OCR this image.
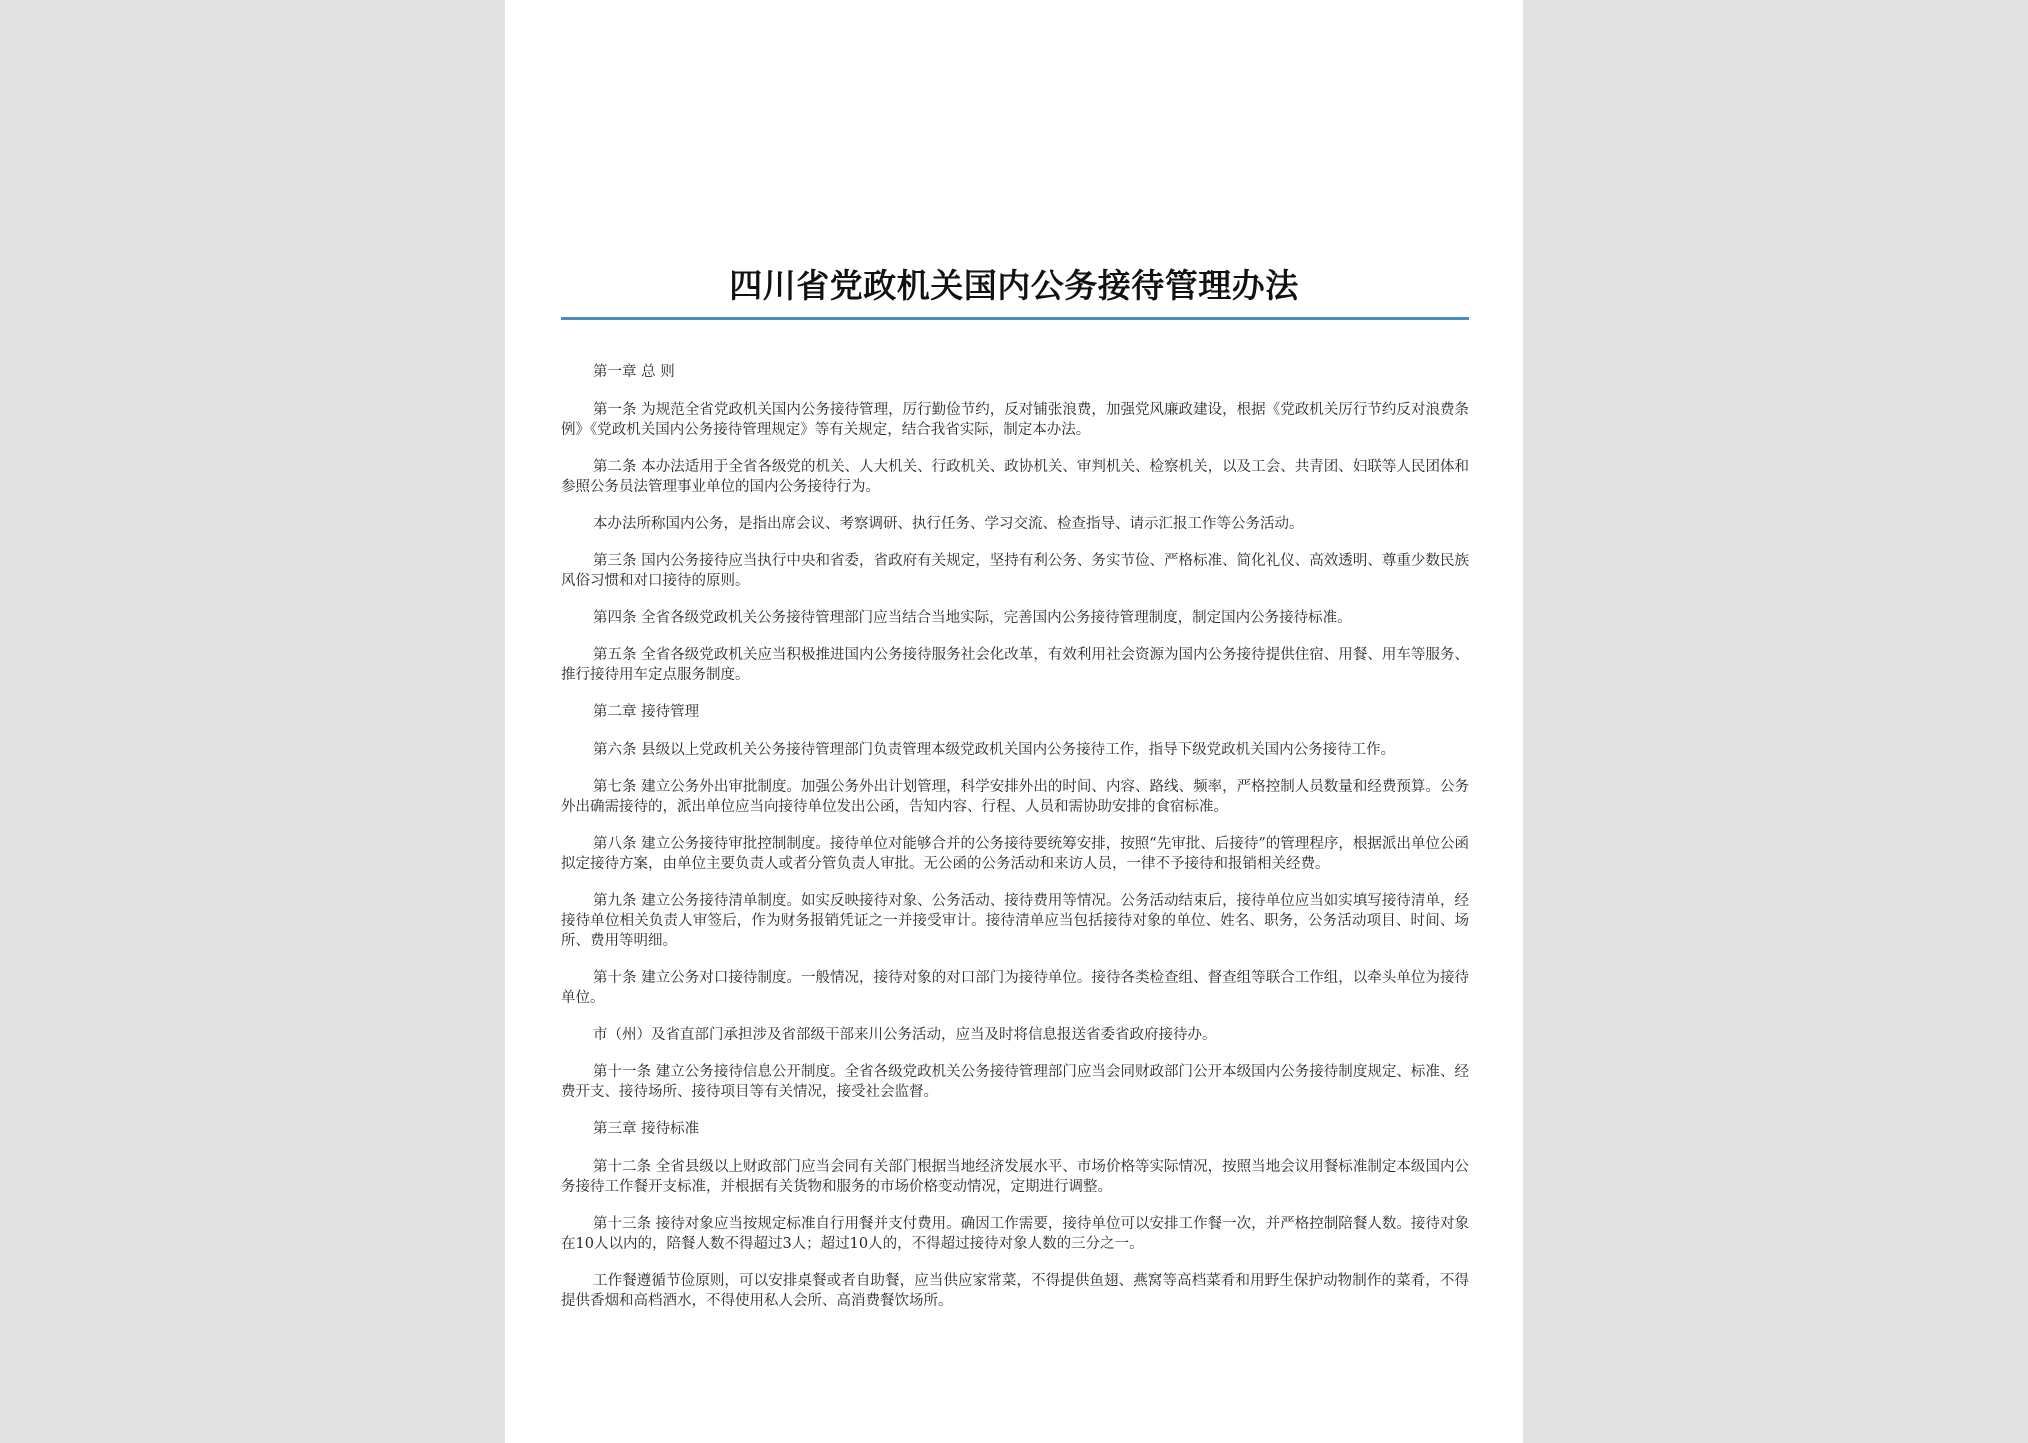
四川省党政机关国内公务接待管理办法

第一章 总 则

第一条 为规范全省党政机关国内公务接待管理，厉行勤俭节约，反对铺张浪费，加强党风廉政建设，根据《党政机关厉行节约反对浪费条例》《党政机关国内公务接待管理规定》等有关规定，结合我省实际，制定本办法。

第二条 本办法适用于全省各级党的机关、人大机关、行政机关、政协机关、审判机关、检察机关，以及工会、共青团、妇联等人民团体和参照公务员法管理事业单位的国内公务接待行为。

本办法所称国内公务，是指出席会议、考察调研、执行任务、学习交流、检查指导、请示汇报工作等公务活动。

第三条 国内公务接待应当执行中央和省委，省政府有关规定，坚持有利公务、务实节俭、严格标准、简化礼仪、高效透明、尊重少数民族风俗习惯和对口接待的原则。

第四条 全省各级党政机关公务接待管理部门应当结合当地实际，完善国内公务接待管理制度，制定国内公务接待标准。

第五条 全省各级党政机关应当积极推进国内公务接待服务社会化改革，有效利用社会资源为国内公务接待提供住宿、用餐、用车等服务、推行接待用车定点服务制度。

第二章 接待管理

第六条 县级以上党政机关公务接待管理部门负责管理本级党政机关国内公务接待工作，指导下级党政机关国内公务接待工作。

第七条 建立公务外出审批制度。加强公务外出计划管理，科学安排外出的时间、内容、路线、频率，严格控制人员数量和经费预算。公务外出确需接待的，派出单位应当向接待单位发出公函，告知内容、行程、人员和需协助安排的食宿标准。

第八条 建立公务接待审批控制制度。接待单位对能够合并的公务接待要统筹安排，按照“先审批、后接待”的管理程序，根据派出单位公函拟定接待方案，由单位主要负责人或者分管负责人审批。无公函的公务活动和来访人员，一律不予接待和报销相关经费。

第九条 建立公务接待清单制度。如实反映接待对象、公务活动、接待费用等情况。公务活动结束后，接待单位应当如实填写接待清单，经接待单位相关负责人审签后，作为财务报销凭证之一并接受审计。接待清单应当包括接待对象的单位、姓名、职务，公务活动项目、时间、场所、费用等明细。

第十条 建立公务对口接待制度。一般情况，接待对象的对口部门为接待单位。接待各类检查组、督查组等联合工作组，以牵头单位为接待单位。

市（州）及省直部门承担涉及省部级干部来川公务活动，应当及时将信息报送省委省政府接待办。

第十一条 建立公务接待信息公开制度。全省各级党政机关公务接待管理部门应当会同财政部门公开本级国内公务接待制度规定、标准、经费开支、接待场所、接待项目等有关情况，接受社会监督。

第三章 接待标准

第十二条 全省县级以上财政部门应当会同有关部门根据当地经济发展水平、市场价格等实际情况，按照当地会议用餐标准制定本级国内公务接待工作餐开支标准，并根据有关货物和服务的市场价格变动情况，定期进行调整。

第十三条 接待对象应当按规定标准自行用餐并支付费用。确因工作需要，接待单位可以安排工作餐一次，并严格控制陪餐人数。接待对象在10人以内的，陪餐人数不得超过3人；超过10人的，不得超过接待对象人数的三分之一。

工作餐遵循节俭原则，可以安排桌餐或者自助餐，应当供应家常菜，不得提供鱼翅、燕窝等高档菜肴和用野生保护动物制作的菜肴，不得提供香烟和高档酒水，不得使用私人会所、高消费餐饮场所。
